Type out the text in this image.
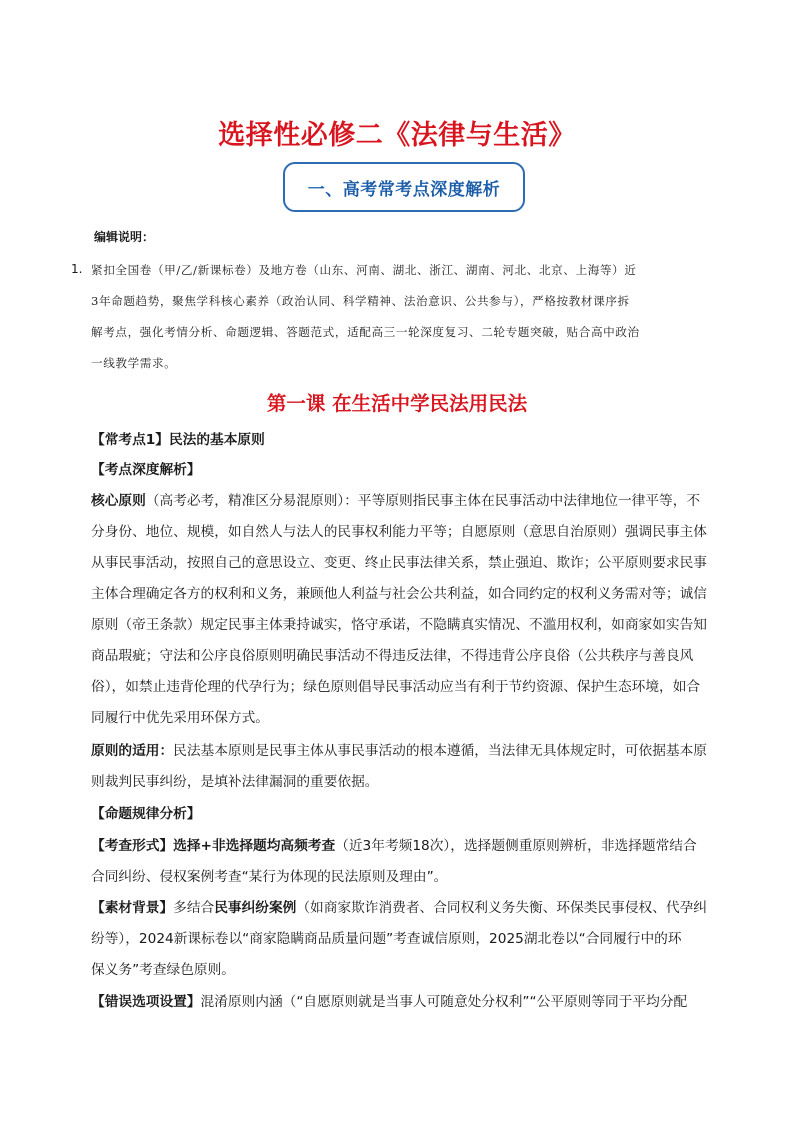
选择性必修二《法律与生活》
一、高考常考点深度解析
编辑说明：
1. 紧扣全国卷（甲/乙/新课标卷）及地方卷（山东、河南、湖北、浙江、湖南、河北、北京、上海等）近
3年命题趋势，聚焦学科核心素养（政治认同、科学精神、法治意识、公共参与），严格按教材课序拆
解考点，强化考情分析、命题逻辑、答题范式，适配高三一轮深度复习、二轮专题突破，贴合高中政治
一线教学需求。
第一课 在生活中学民法用民法
【常考点1】民法的基本原则
【考点深度解析】
核心原则（高考必考，精准区分易混原则）：平等原则指民事主体在民事活动中法律地位一律平等，不
分身份、地位、规模，如自然人与法人的民事权利能力平等；自愿原则（意思自治原则）强调民事主体
从事民事活动，按照自己的意思设立、变更、终止民事法律关系，禁止强迫、欺诈；公平原则要求民事
主体合理确定各方的权利和义务，兼顾他人利益与社会公共利益，如合同约定的权利义务需对等；诚信
原则（帝王条款）规定民事主体秉持诚实，恪守承诺，不隐瞒真实情况、不滥用权利，如商家如实告知
商品瑕疵；守法和公序良俗原则明确民事活动不得违反法律，不得违背公序良俗（公共秩序与善良风
俗），如禁止违背伦理的代孕行为；绿色原则倡导民事活动应当有利于节约资源、保护生态环境，如合
同履行中优先采用环保方式。
原则的适用：民法基本原则是民事主体从事民事活动的根本遵循，当法律无具体规定时，可依据基本原
则裁判民事纠纷，是填补法律漏洞的重要依据。
【命题规律分析】
【考查形式】选择+非选择题均高频考查（近3年考频18次），选择题侧重原则辨析，非选择题常结合
合同纠纷、侵权案例考查“某行为体现的民法原则及理由”。
【素材背景】多结合民事纠纷案例（如商家欺诈消费者、合同权利义务失衡、环保类民事侵权、代孕纠
纷等），2024新课标卷以“商家隐瞒商品质量问题”考查诚信原则，2025湖北卷以“合同履行中的环
保义务”考查绿色原则。
【错误选项设置】混淆原则内涵（“自愿原则就是当事人可随意处分权利”“公平原则等同于平均分配
